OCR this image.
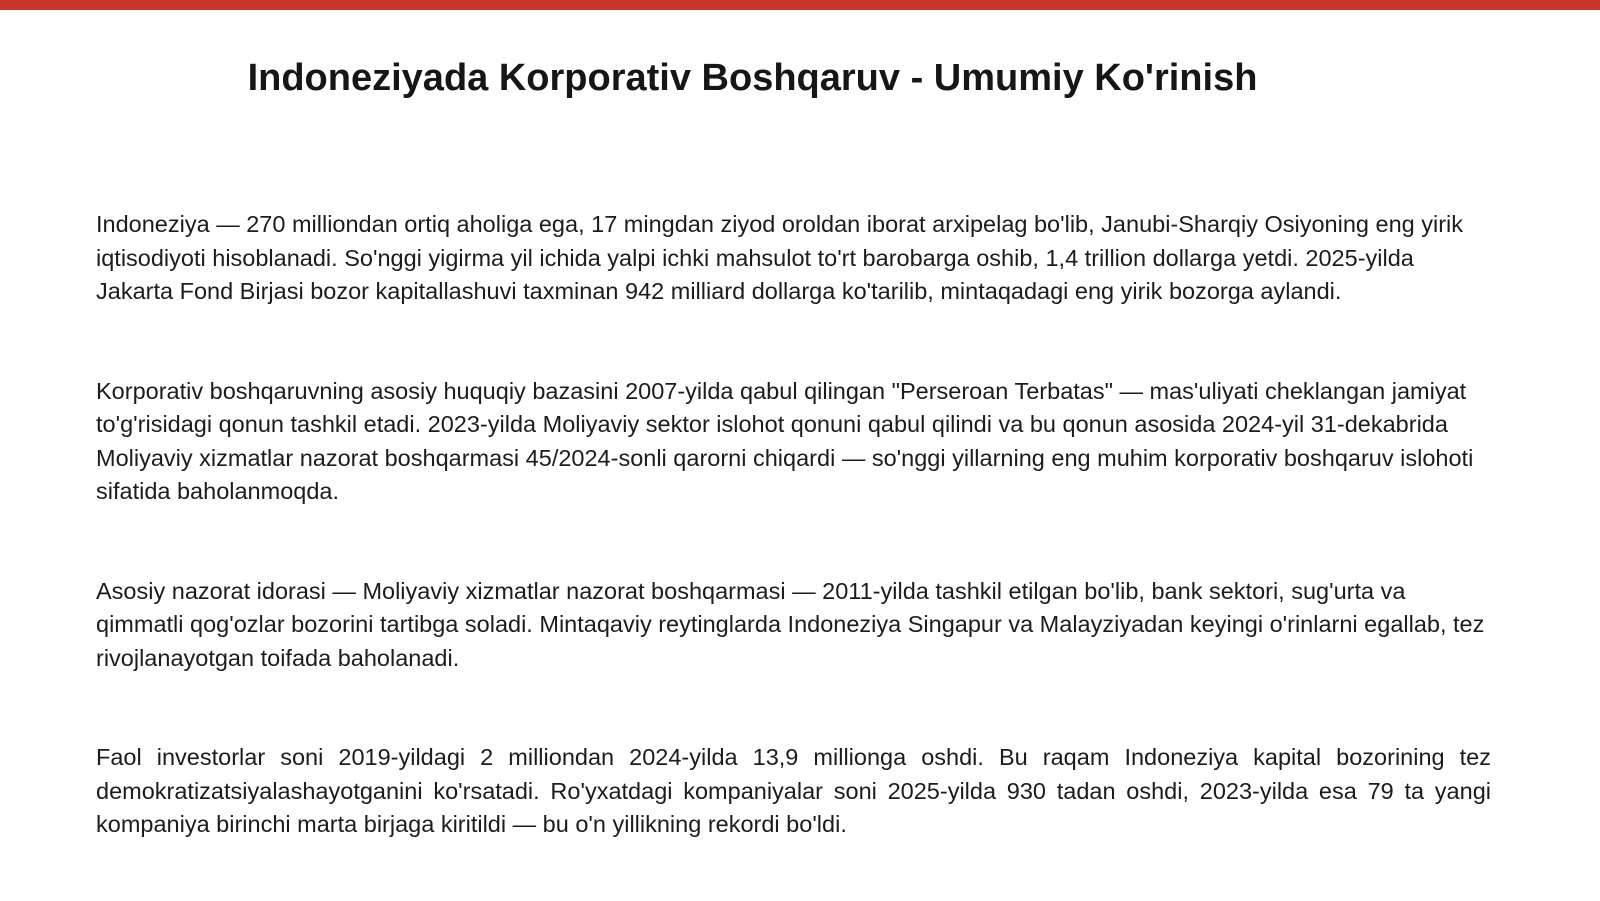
Indoneziyada Korporativ Boshqaruv - Umumiy Ko'rinish

Indoneziya — 270 milliondan ortiq aholiga ega, 17 mingdan ziyod oroldan iborat arxipelag bo'lib, Janubi-Sharqiy Osiyoning eng yirik iqtisodiyoti hisoblanadi. So'nggi yigirma yil ichida yalpi ichki mahsulot to'rt barobarga oshib, 1,4 trillion dollarga yetdi. 2025-yilda Jakarta Fond Birjasi bozor kapitallashuvi taxminan 942 milliard dollarga ko'tarilib, mintaqadagi eng yirik bozorga aylandi.

Korporativ boshqaruvning asosiy huquqiy bazasini 2007-yilda qabul qilingan "Perseroan Terbatas" — mas'uliyati cheklangan jamiyat to'g'risidagi qonun tashkil etadi. 2023-yilda Moliyaviy sektor islohot qonuni qabul qilindi va bu qonun asosida 2024-yil 31-dekabrida Moliyaviy xizmatlar nazorat boshqarmasi 45/2024-sonli qarorni chiqardi — so'nggi yillarning eng muhim korporativ boshqaruv islohoti sifatida baholanmoqda.

Asosiy nazorat idorasi — Moliyaviy xizmatlar nazorat boshqarmasi — 2011-yilda tashkil etilgan bo'lib, bank sektori, sug'urta va qimmatli qog'ozlar bozorini tartibga soladi. Mintaqaviy reytinglarda Indoneziya Singapur va Malayziyadan keyingi o'rinlarni egallab, tez rivojlanayotgan toifada baholanadi.

Faol investorlar soni 2019-yildagi 2 milliondan 2024-yilda 13,9 millionga oshdi. Bu raqam Indoneziya kapital bozorining tez demokratizatsiyalashayotganini ko'rsatadi. Ro'yxatdagi kompaniyalar soni 2025-yilda 930 tadan oshdi, 2023-yilda esa 79 ta yangi kompaniya birinchi marta birjaga kiritildi — bu o'n yillikning rekordi bo'ldi.
